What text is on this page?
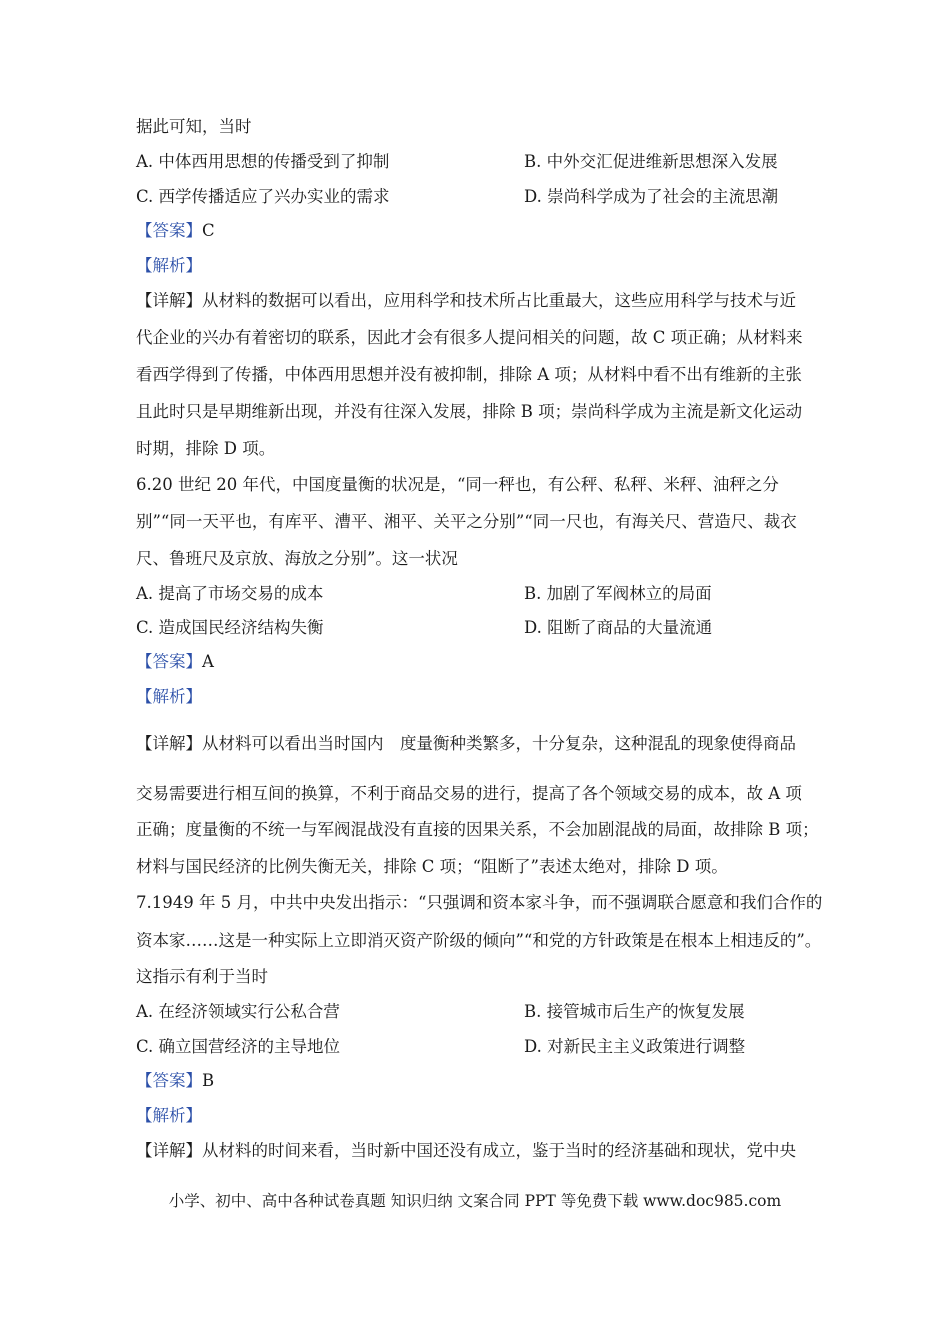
据此可知，当时
A. 中体西用思想的传播受到了抑制	B. 中外交汇促进维新思想深入发展
C. 西学传播适应了兴办实业的需求	D. 崇尚科学成为了社会的主流思潮
【答案】C
【解析】
【详解】从材料的数据可以看出，应用科学和技术所占比重最大，这些应用科学与技术与近
代企业的兴办有着密切的联系，因此才会有很多人提问相关的问题，故 C 项正确；从材料来
看西学得到了传播，中体西用思想并没有被抑制，排除 A 项；从材料中看不出有维新的主张
且此时只是早期维新出现，并没有往深入发展，排除 B 项；崇尚科学成为主流是新文化运动
时期，排除 D 项。
6.20 世纪 20 年代，中国度量衡的状况是，“同一秤也，有公秤、私秤、米秤、油秤之分
别”“同一天平也，有库平、漕平、湘平、关平之分别”“同一尺也，有海关尺、营造尺、裁衣
尺、鲁班尺及京放、海放之分别”。这一状况
A. 提高了市场交易的成本	B. 加剧了军阀林立的局面
C. 造成国民经济结构失衡	D. 阻断了商品的大量流通
【答案】A
【解析】
【详解】从材料可以看出当时国内　度量衡种类繁多，十分复杂，这种混乱的现象使得商品
交易需要进行相互间的换算，不利于商品交易的进行，提高了各个领域交易的成本，故 A 项
正确；度量衡的不统一与军阀混战没有直接的因果关系，不会加剧混战的局面，故排除 B 项；
材料与国民经济的比例失衡无关，排除 C 项；“阻断了”表述太绝对，排除 D 项。
7.1949 年 5 月，中共中央发出指示：“只强调和资本家斗争，而不强调联合愿意和我们合作的
资本家……这是一种实际上立即消灭资产阶级的倾向”“和党的方针政策是在根本上相违反的”。
这指示有利于当时
A. 在经济领域实行公私合营	B. 接管城市后生产的恢复发展
C. 确立国营经济的主导地位	D. 对新民主主义政策进行调整
【答案】B
【解析】
【详解】从材料的时间来看，当时新中国还没有成立，鉴于当时的经济基础和现状，党中央
小学、初中、高中各种试卷真题 知识归纳 文案合同 PPT 等免费下载 www.doc985.com
